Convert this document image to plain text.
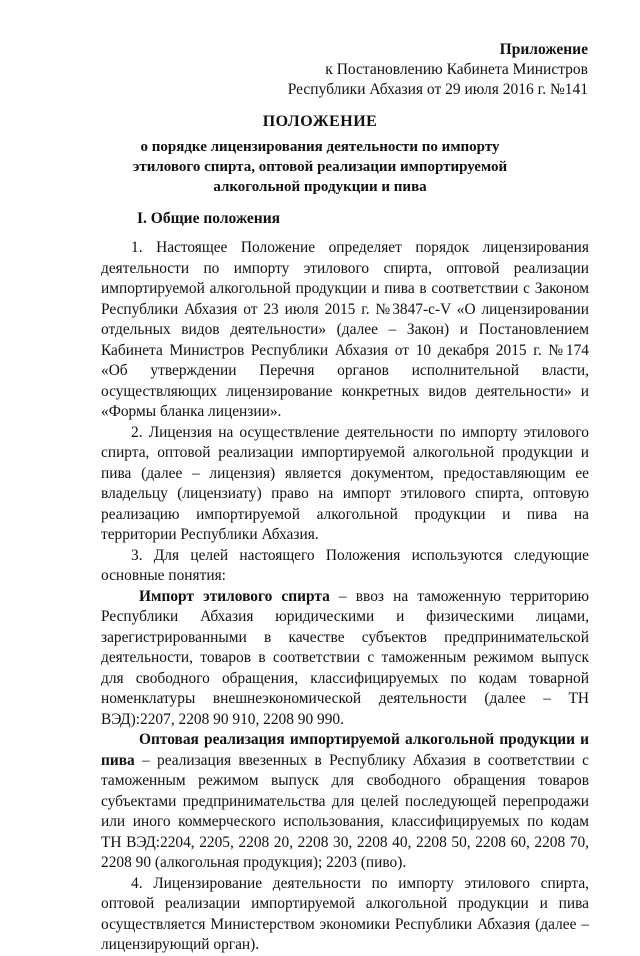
Приложение
к Постановлению Кабинета Министров
Республики Абхазия от 29 июля 2016 г. №141
ПОЛОЖЕНИЕ
о порядке лицензирования деятельности по импорту
этилового спирта, оптовой реализации импортируемой
алкогольной продукции и пива
I. Общие положения

1. Настоящее Положение определяет порядок лицензирования деятельности по импорту этилового спирта, оптовой реализации импортируемой алкогольной продукции и пива в соответствии с Законом Республики Абхазия от 23 июля 2015 г. №3847-с-V «О лицензировании отдельных видов деятельности» (далее – Закон) и Постановлением Кабинета Министров Республики Абхазия от 10 декабря 2015 г. №174 «Об утверждении Перечня органов исполнительной власти, осуществляющих лицензирование конкретных видов деятельности» и «Формы бланка лицензии».

2. Лицензия на осуществление деятельности по импорту этилового спирта, оптовой реализации импортируемой алкогольной продукции и пива (далее – лицензия) является документом, предоставляющим ее владельцу (лицензиату) право на импорт этилового спирта, оптовую реализацию импортируемой алкогольной продукции и пива на территории Республики Абхазия.

3. Для целей настоящего Положения используются следующие основные понятия:

Импорт этилового спирта – ввоз на таможенную территорию Республики Абхазия юридическими и физическими лицами, зарегистрированными в качестве субъектов предпринимательской деятельности, товаров в соответствии с таможенным режимом выпуск для свободного обращения, классифицируемых по кодам товарной номенклатуры внешнеэкономической деятельности (далее – ТН ВЭД):2207, 2208 90 910, 2208 90 990.

Оптовая реализация импортируемой алкогольной продукции и пива – реализация ввезенных в Республику Абхазия в соответствии с таможенным режимом выпуск для свободного обращения товаров субъектами предпринимательства для целей последующей перепродажи или иного коммерческого использования, классифицируемых по кодам ТН ВЭД:2204, 2205, 2208 20, 2208 30, 2208 40, 2208 50, 2208 60, 2208 70, 2208 90 (алкогольная продукция); 2203 (пиво).

4. Лицензирование деятельности по импорту этилового спирта, оптовой реализации импортируемой алкогольной продукции и пива осуществляется Министерством экономики Республики Абхазия (далее – лицензирующий орган).
